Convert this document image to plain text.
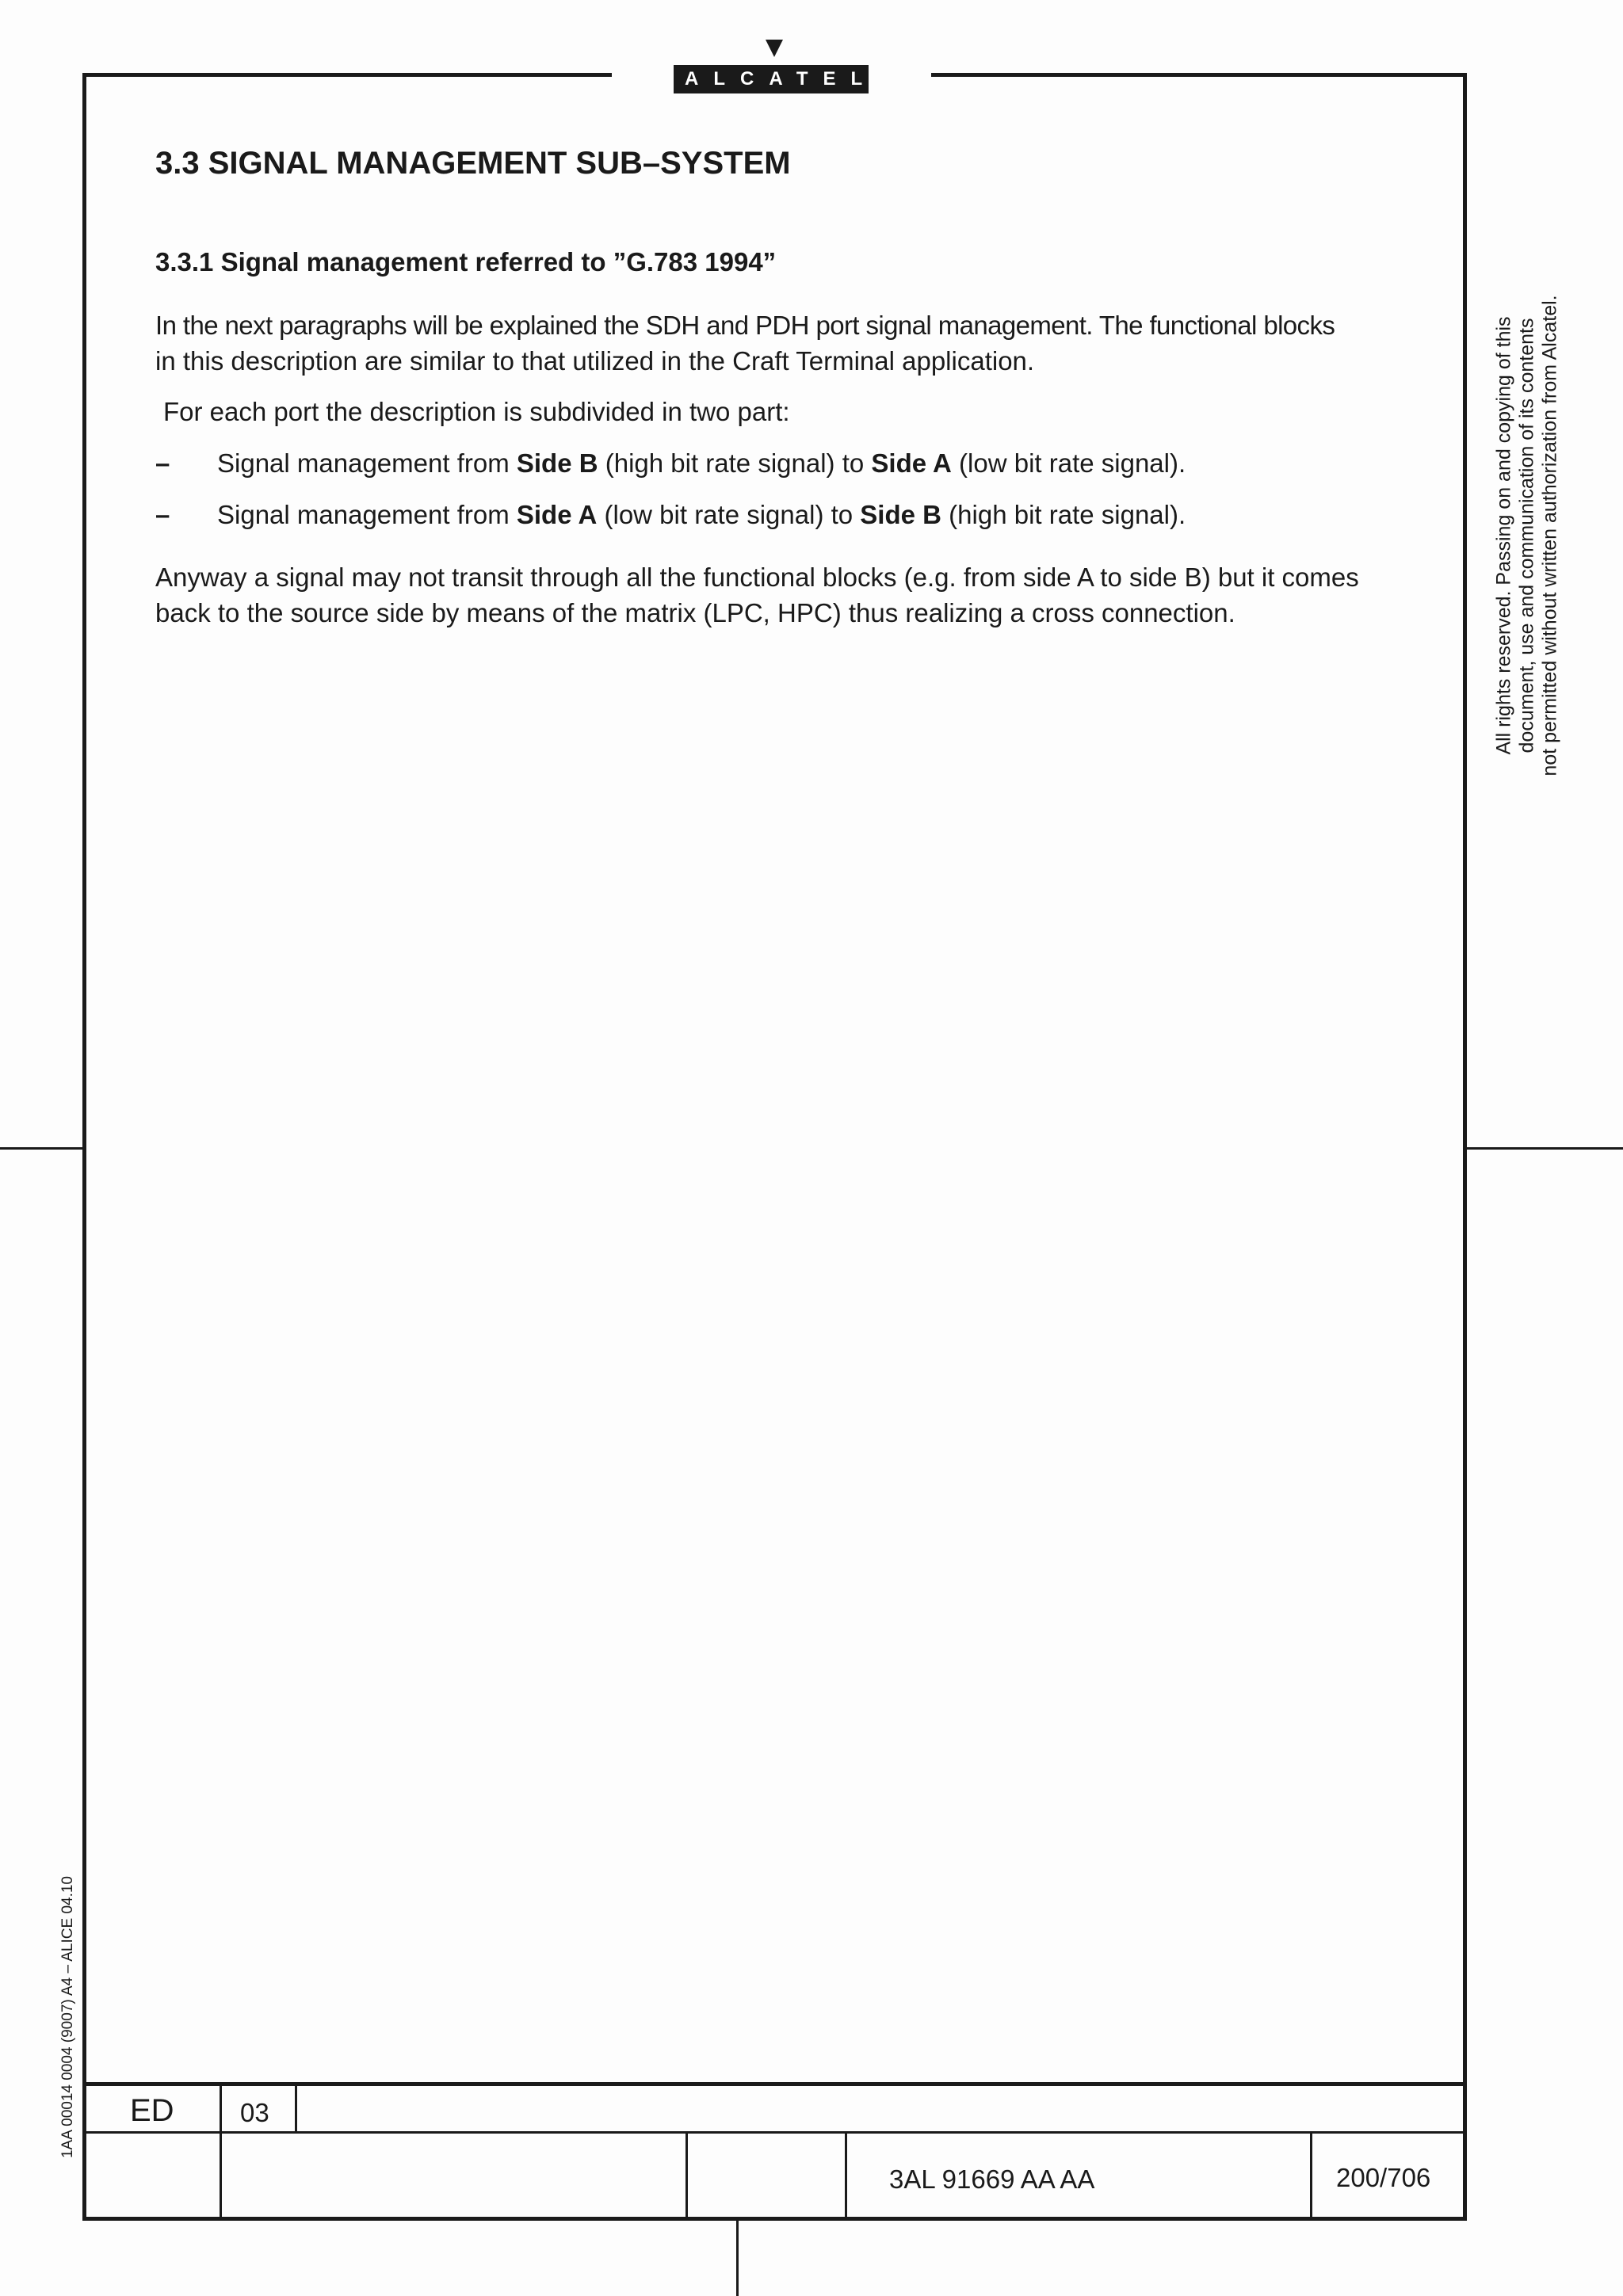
ALCATEL
3.3 SIGNAL MANAGEMENT SUB–SYSTEM
3.3.1 Signal management referred to ”G.783 1994”
In the next paragraphs will be explained the SDH and PDH port signal management. The functional blocks
in this description are similar to that utilized in the Craft Terminal application.
For each port the description is subdivided in two part:
– Signal management from Side B (high bit rate signal) to Side A (low bit rate signal).
– Signal management from Side A (low bit rate signal) to Side B (high bit rate signal).
Anyway a signal may not transit through all the functional blocks (e.g. from side A to side B) but it comes
back to the source side by means of the matrix (LPC, HPC) thus realizing a cross connection.	All rights reserved. Passing on and copying of this document, use and communication of its contents not permitted without written authorization from Alcatel.
1AA 00014 0004 (9007) A4 – ALICE 04.10 ED	03
3AL 91669 AA AA	200/706
